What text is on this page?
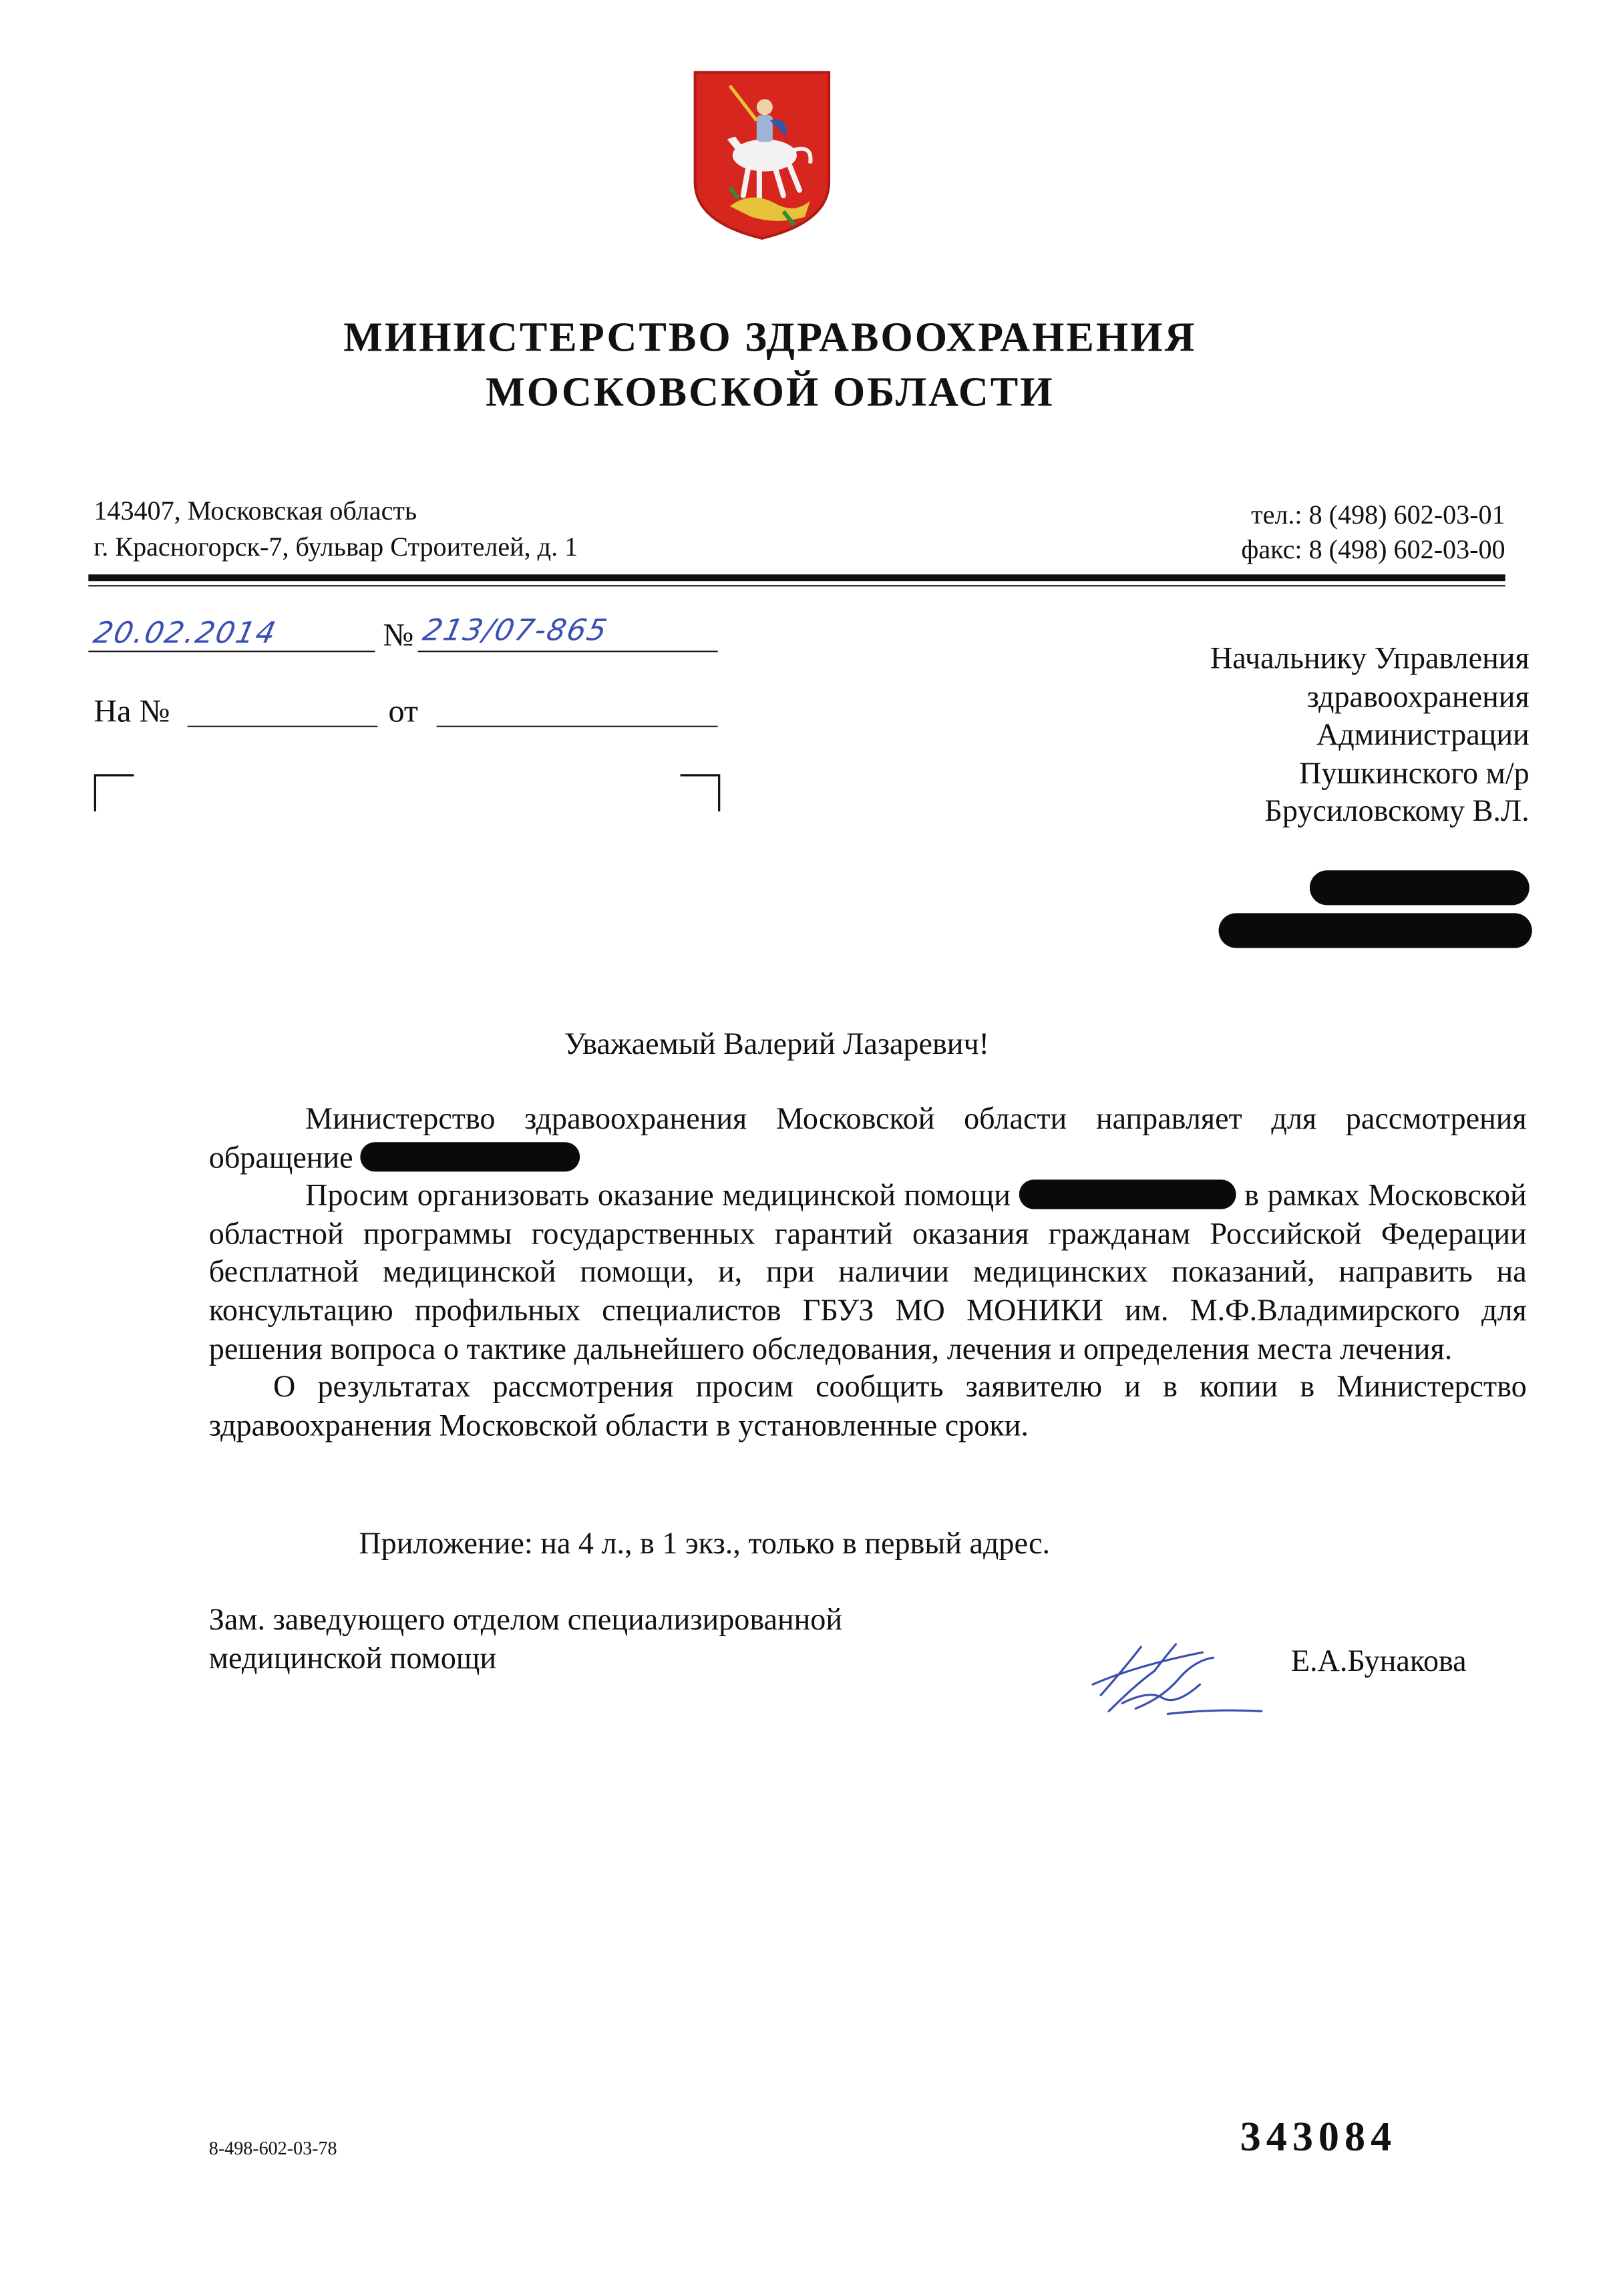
МИНИСТЕРСТВО ЗДРАВООХРАНЕНИЯ
МОСКОВСКОЙ ОБЛАСТИ
143407, Московская область
г. Красногорск-7, бульвар Строителей, д. 1
тел.: 8 (498) 602-03-01
факс: 8 (498) 602-03-00
20.02.2014	№ 213/07-865
На №	от
Начальнику Управления
здравоохранения
Администрации
Пушкинского м/р
Брусиловскому В.Л.
Уважаемый Валерий Лазаревич!

Министерство здравоохранения Московской области направляет для рассмотрения обращение

Просим организовать оказание медицинской помощи	в рамках Московской областной программы государственных гарантий оказания гражданам Российской Федерации бесплатной медицинской помощи, и, при наличии медицинских показаний, направить на консультацию профильных специалистов ГБУЗ МО МОНИКИ им. М.Ф.Владимирского для решения вопроса о тактике дальнейшего обследования, лечения и определения места лечения.

О результатах рассмотрения просим сообщить заявителю и в копии в Министерство здравоохранения Московской области в установленные сроки.

Приложение: на 4 л., в 1 экз., только в первый адрес.
Зам. заведующего отделом специализированной
медицинской помощи	Е.А.Бунакова
8-498-602-03-78	343084
